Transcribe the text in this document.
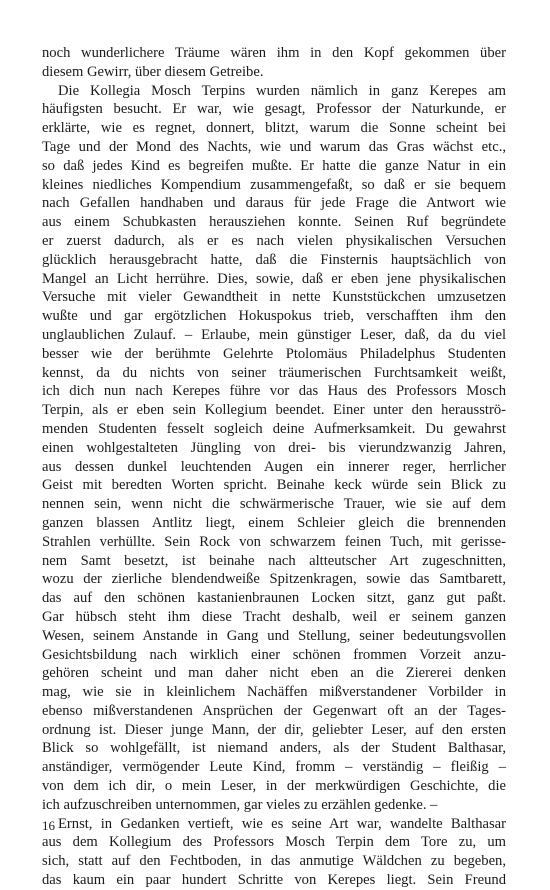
noch wunderlichere Träume wären ihm in den Kopf gekommen über
diesem Gewirr, über diesem Getreibe.
Die Kollegia Mosch Terpins wurden nämlich in ganz Kerepes am
häufigsten besucht. Er war, wie gesagt, Professor der Naturkunde, er
erklärte, wie es regnet, donnert, blitzt, warum die Sonne scheint bei
Tage und der Mond des Nachts, wie und warum das Gras wächst etc.,
so daß jedes Kind es begreifen mußte. Er hatte die ganze Natur in ein
kleines niedliches Kompendium zusammengefaßt, so daß er sie bequem
nach Gefallen handhaben und daraus für jede Frage die Antwort wie
aus einem Schubkasten herausziehen konnte. Seinen Ruf begründete
er zuerst dadurch, als er es nach vielen physikalischen Versuchen
glücklich herausgebracht hatte, daß die Finsternis hauptsächlich von
Mangel an Licht herrühre. Dies, sowie, daß er eben jene physikalischen
Versuche mit vieler Gewandtheit in nette Kunststückchen umzusetzen
wußte und gar ergötzlichen Hokuspokus trieb, verschafften ihm den
unglaublichen Zulauf. – Erlaube, mein günstiger Leser, daß, da du viel
besser wie der berühmte Gelehrte Ptolomäus Philadelphus Studenten
kennst, da du nichts von seiner träumerischen Furchtsamkeit weißt,
ich dich nun nach Kerepes führe vor das Haus des Professors Mosch
Terpin, als er eben sein Kollegium beendet. Einer unter den herausströ-
menden Studenten fesselt sogleich deine Aufmerksamkeit. Du gewahrst
einen wohlgestalteten Jüngling von drei- bis vierundzwanzig Jahren,
aus dessen dunkel leuchtenden Augen ein innerer reger, herrlicher
Geist mit beredten Worten spricht. Beinahe keck würde sein Blick zu
nennen sein, wenn nicht die schwärmerische Trauer, wie sie auf dem
ganzen blassen Antlitz liegt, einem Schleier gleich die brennenden
Strahlen verhüllte. Sein Rock von schwarzem feinen Tuch, mit gerisse-
nem Samt besetzt, ist beinahe nach altteutscher Art zugeschnitten,
wozu der zierliche blendendweiße Spitzenkragen, sowie das Samtbarett,
das auf den schönen kastanienbraunen Locken sitzt, ganz gut paßt.
Gar hübsch steht ihm diese Tracht deshalb, weil er seinem ganzen
Wesen, seinem Anstande in Gang und Stellung, seiner bedeutungsvollen
Gesichtsbildung nach wirklich einer schönen frommen Vorzeit anzu-
gehören scheint und man daher nicht eben an die Ziererei denken
mag, wie sie in kleinlichem Nachäffen mißverstandener Vorbilder in
ebenso mißverstandenen Ansprüchen der Gegenwart oft an der Tages-
ordnung ist. Dieser junge Mann, der dir, geliebter Leser, auf den ersten
Blick so wohlgefällt, ist niemand anders, als der Student Balthasar,
anständiger, vermögender Leute Kind, fromm – verständig – fleißig –
von dem ich dir, o mein Leser, in der merkwürdigen Geschichte, die
ich aufzuschreiben unternommen, gar vieles zu erzählen gedenke. –
Ernst, in Gedanken vertieft, wie es seine Art war, wandelte Balthasar
aus dem Kollegium des Professors Mosch Terpin dem Tore zu, um
sich, statt auf den Fechtboden, in das anmutige Wäldchen zu begeben,
das kaum ein paar hundert Schritte von Kerepes liegt. Sein Freund
16
